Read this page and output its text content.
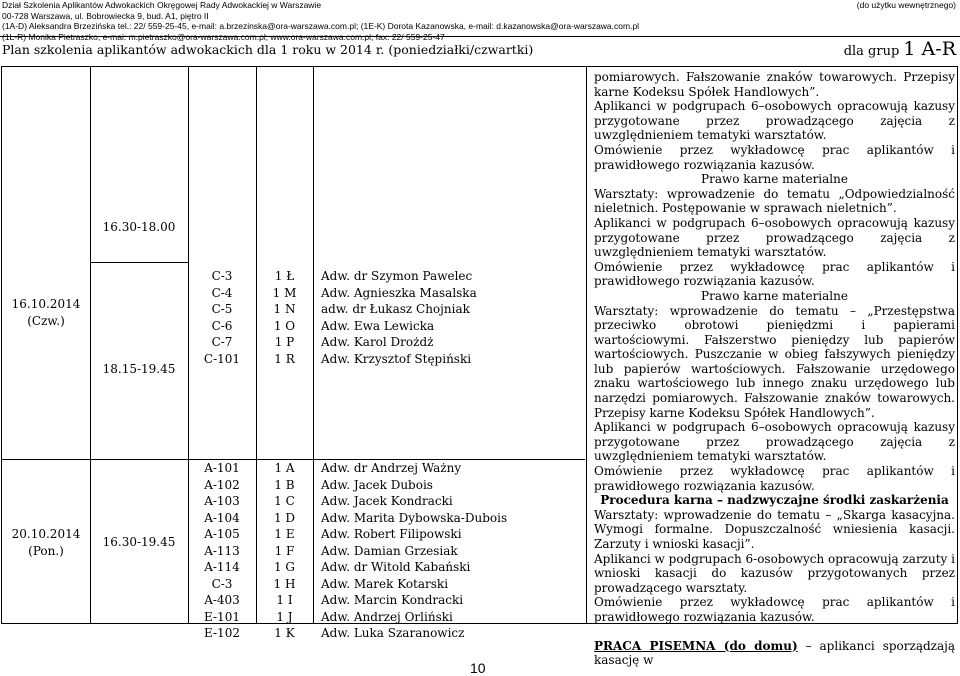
Dział Szkolenia Aplikantów Adwokackich Okręgowej Rady Adwokackiej w Warszawie
00-728 Warszawa, ul. Bobrowiecka 9, bud. A1, piętro II
(1A-D) Aleksandra Brzezińska tel.: 22/ 559-25-45, e-mail: a.brzezinska@ora-warszawa.com.pl; (1E-K) Dorota Kazanowska, e-mail: d.kazanowska@ora-warszawa.com.pl
(1L-R) Monika Pietraszko, e-mai: m.pietraszko@ora-warszawa.com.pl; www.ora-warszawa.com.pl; fax: 22/ 559-25-47
(do użytku wewnętrznego)
Plan szkolenia aplikantów adwokackich dla 1 roku w 2014 r. (poniedziałki/czwartki)	dla grup 1 A-R
16.10.2014
(Czw.)
16.30-18.00
18.15-19.45
C-3
C-4
C-5
C-6
C-7
C-101
1 Ł
1 M
1 N
1 O
1 P
1 R
Adw. dr Szymon Pawelec
Adw. Agnieszka Masalska
adw. dr Łukasz Chojniak
Adw. Ewa Lewicka
Adw. Karol Drożdż
Adw. Krzysztof Stępiński
20.10.2014
(Pon.)
16.30-19.45
A-101
A-102
A-103
A-104
A-105
A-113
A-114
C-3
A-403
E-101
E-102
1 A
1 B
1 C
1 D
1 E
1 F
1 G
1 H
1 I
1 J
1 K
Adw. dr Andrzej Ważny
Adw. Jacek Dubois
Adw. Jacek Kondracki
Adw. Marita Dybowska-Dubois
Adw. Robert Filipowski
Adw. Damian Grzesiak
Adw. dr Witold Kabański
Adw. Marek Kotarski
Adw. Marcin Kondracki
Adw. Andrzej Orliński
Adw. Luka Szaranowicz

pomiarowych. Fałszowanie znaków towarowych. Przepisy karne Kodeksu Spółek Handlowych”.

Aplikanci w podgrupach 6–osobowych opracowują kazusy przygotowane przez prowadzącego zajęcia z uwzględnieniem tematyki warsztatów.

Omówienie przez wykładowcę prac aplikantów i prawidłowego rozwiązania kazusów.

Prawo karne materialne

Warsztaty: wprowadzenie do tematu „Odpowiedzialność nieletnich. Postępowanie w sprawach nieletnich”.

Aplikanci w podgrupach 6–osobowych opracowują kazusy przygotowane przez prowadzącego zajęcia z uwzględnieniem tematyki warsztatów.

Omówienie przez wykładowcę prac aplikantów i prawidłowego rozwiązania kazusów.

Prawo karne materialne

Warsztaty: wprowadzenie do tematu – „Przestępstwa przeciwko obrotowi pieniędzmi i papierami wartościowymi. Fałszerstwo pieniędzy lub papierów wartościowych. Puszczanie w obieg fałszywych pieniędzy lub papierów wartościowych. Fałszowanie urzędowego znaku wartościowego lub innego znaku urzędowego lub narzędzi pomiarowych. Fałszowanie znaków towarowych. Przepisy karne Kodeksu Spółek Handlowych”.

Aplikanci w podgrupach 6–osobowych opracowują kazusy przygotowane przez prowadzącego zajęcia z uwzględnieniem tematyki warsztatów.

Omówienie przez wykładowcę prac aplikantów i prawidłowego rozwiązania kazusów.

Procedura karna – nadzwyczajne środki zaskarżenia

Warsztaty: wprowadzenie do tematu – „Skarga kasacyjna. Wymogi formalne. Dopuszczalność wniesienia kasacji. Zarzuty i wnioski kasacji”.

Aplikanci w podgrupach 6-osobowych opracowują zarzuty i wnioski kasacji do kazusów przygotowanych przez prowadzącego warsztaty.

Omówienie przez wykładowcę prac aplikantów i prawidłowego rozwiązania kazusów.

PRACA PISEMNA (do domu) – aplikanci sporządzają kasację w

10
